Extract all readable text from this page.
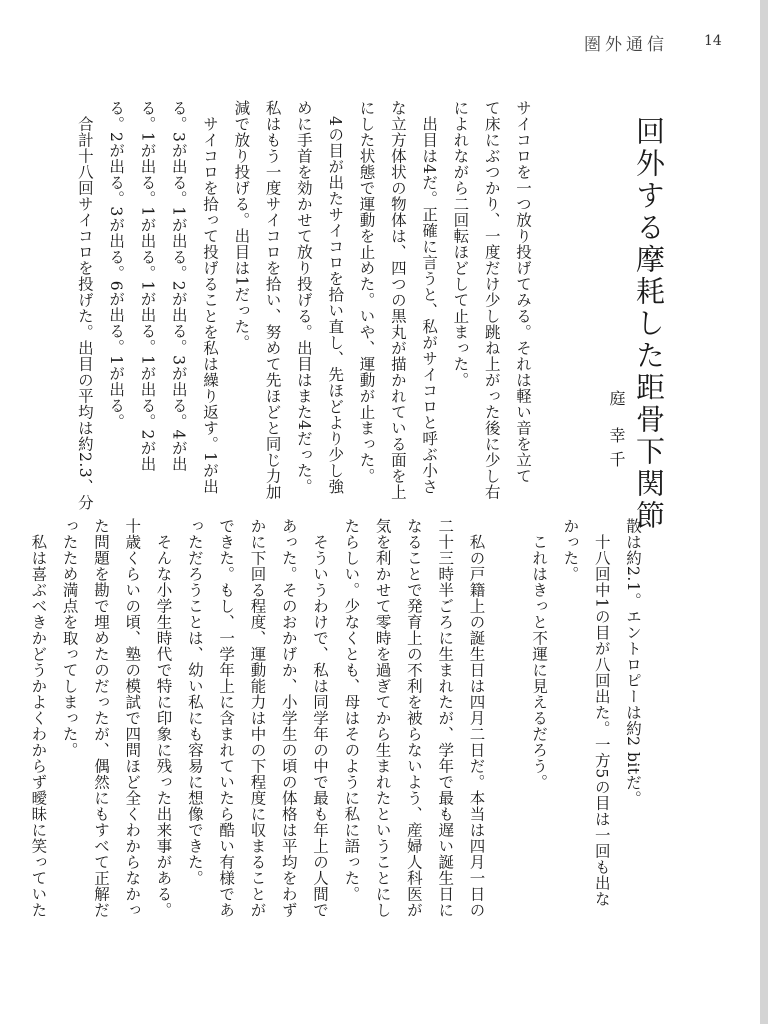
圏外通信	14
サイコロを一つ放り投げてみる。それは軽い音を立て
て床にぶつかり、一度だけ少し跳ね上がった後に少し右
によれながら二回転ほどして止まった。
　出目は4だ。正確に言うと、私がサイコロと呼ぶ小さ
な立方体状の物体は、四つの黒丸が描かれている面を上
にした状態で運動を止めた。いや、運動が止まった。
　4の目が出たサイコロを拾い直し、先ほどより少し強
めに手首を効かせて放り投げる。出目はまた4だった。
私はもう一度サイコロを拾い、努めて先ほどと同じ力加
減で放り投げる。出目は1だった。
　サイコロを拾って投げることを私は繰り返す。1が出
る。3が出る。1が出る。2が出る。3が出る。4が出
る。1が出る。1が出る。1が出る。1が出る。2が出
る。2が出る。3が出る。6が出る。1が出る。
　合計十八回サイコロを投げた。出目の平均は約2.3、分	回外する摩耗した距骨下関節
庭 幸千
散は約2.1。エントロピーは約2 bitだ。
　十八回中1の目が八回出た。一方5の目は一回も出な
かった。
　これはきっと不運に見えるだろう。

　私の戸籍上の誕生日は四月二日だ。本当は四月一日の
二十三時半ごろに生まれたが、学年で最も遅い誕生日に
なることで発育上の不利を被らないよう、産婦人科医が
気を利かせて零時を過ぎてから生まれたということにし
たらしい。少なくとも、母はそのように私に語った。
　そういうわけで、私は同学年の中で最も年上の人間で
あった。そのおかげか、小学生の頃の体格は平均をわず
かに下回る程度、運動能力は中の下程度に収まることが
できた。もし、一学年上に含まれていたら酷い有様であ
っただろうことは、幼い私にも容易に想像できた。
　そんな小学生時代で特に印象に残った出来事がある。
十歳くらいの頃、塾の模試で四問ほど全くわからなかっ
た問題を勘で埋めたのだったが、偶然にもすべて正解だ
ったため満点を取ってしまった。
　私は喜ぶべきかどうかよくわからず曖昧に笑っていた
